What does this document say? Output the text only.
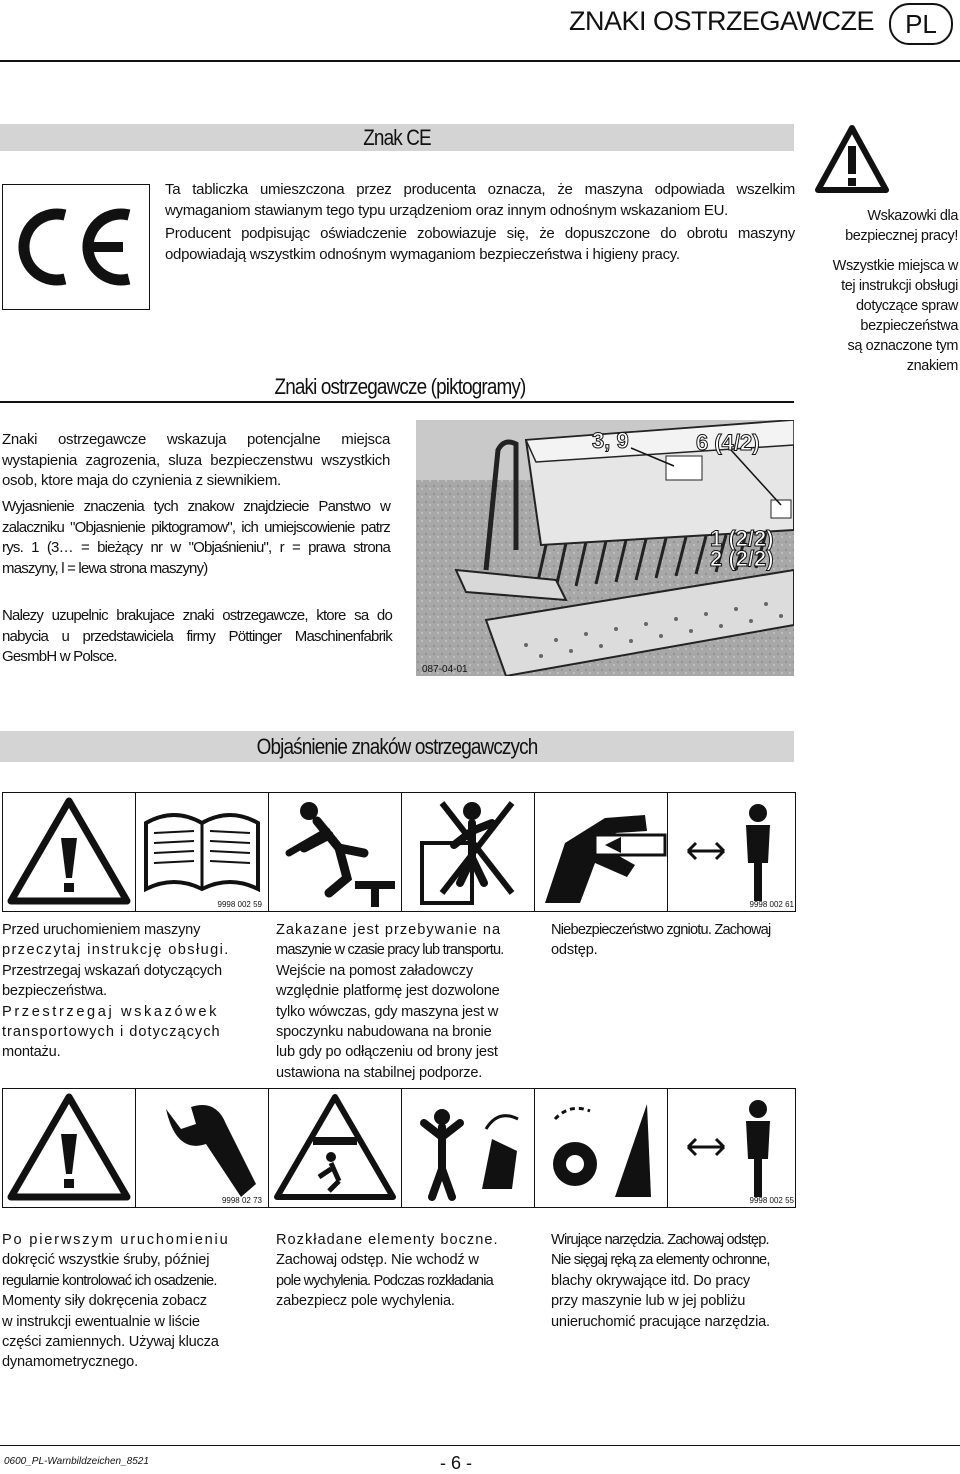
ZNAKI OSTRZEGAWCZE	PL
Znak CE
Ta tabliczka umieszczona przez producenta oznacza, że maszyna odpowiada wszelkim wymaganiom stawianym tego typu urządzeniom oraz innym odnośnym wskazaniom EU.
Producent podpisując oświadczenie zobowiazuje się, że dopuszczone do obrotu maszyny odpowiadają wszystkim odnośnym wymaganiom bezpieczeństwa i higieny pracy.
Znaki ostrzegawcze (piktogramy)
Wskazowki dla
bezpiecznej pracy!
Wszystkie miejsca w
tej instrukcji obsługi
dotyczące spraw
bezpieczeństwa
są oznaczone tym
znakiem
Znaki ostrzegawcze wskazuja potencjalne miejsca wystapienia zagrozenia, sluza bezpieczenstwu wszystkich osob, ktore maja do czynienia z siewnikiem.
Wyjasnienie znaczenia tych znakow znajdziecie Panstwo w zalaczniku "Objasnienie piktogramow", ich umiejscowienie patrz rys. 1 (3… = bieżący nr w "Objaśnieniu", r = prawa strona maszyny, l = lewa strona maszyny)
Nalezy uzupelnic brakujace znaki ostrzegawcze, ktore sa do nabycia u przedstawiciela firmy Pöttinger Maschinenfabrik GesmbH w Polsce.
3, 9	6 (4/2)
1 (2/2)
2 (2/2)
087-04-01
Objaśnienie znaków ostrzegawczych
9998 002 59	9998 002 61
Przed uruchomieniem maszyny
przeczytaj instrukcję obsługi.
Przestrzegaj wskazań dotyczących
bezpieczeństwa.
Przestrzegaj wskazówek
transportowych i dotyczących
montażu.
Zakazane jest przebywanie na
maszynie w czasie pracy lub transportu.
Wejście na pomost załadowczy
względnie platformę jest dozwolone
tylko wówczas, gdy maszyna jest w
spoczynku nabudowana na bronie
lub gdy po odłączeniu od brony jest
ustawiona na stabilnej podporze.
Niebezpieczeństwo zgniotu. Zachowaj
odstęp.
9998 02 73	9998 002 55
Po pierwszym uruchomieniu
dokręcić wszystkie śruby, później
regularnie kontrolować ich osadzenie.
Momenty siły dokręcenia zobacz
w instrukcji ewentualnie w liście
części zamiennych. Używaj klucza
dynamometrycznego.
Rozkładane elementy boczne.
Zachowaj odstęp. Nie wchodź w
pole wychylenia. Podczas rozkładania
zabezpiecz pole wychylenia.
Wirujące narzędzia. Zachowaj odstęp.
Nie sięgaj ręką za elementy ochronne,
blachy okrywające itd. Do pracy
przy maszynie lub w jej pobliżu
unieruchomić pracujące narzędzia.
0600_PL-Warnbildzeichen_8521	- 6 -
